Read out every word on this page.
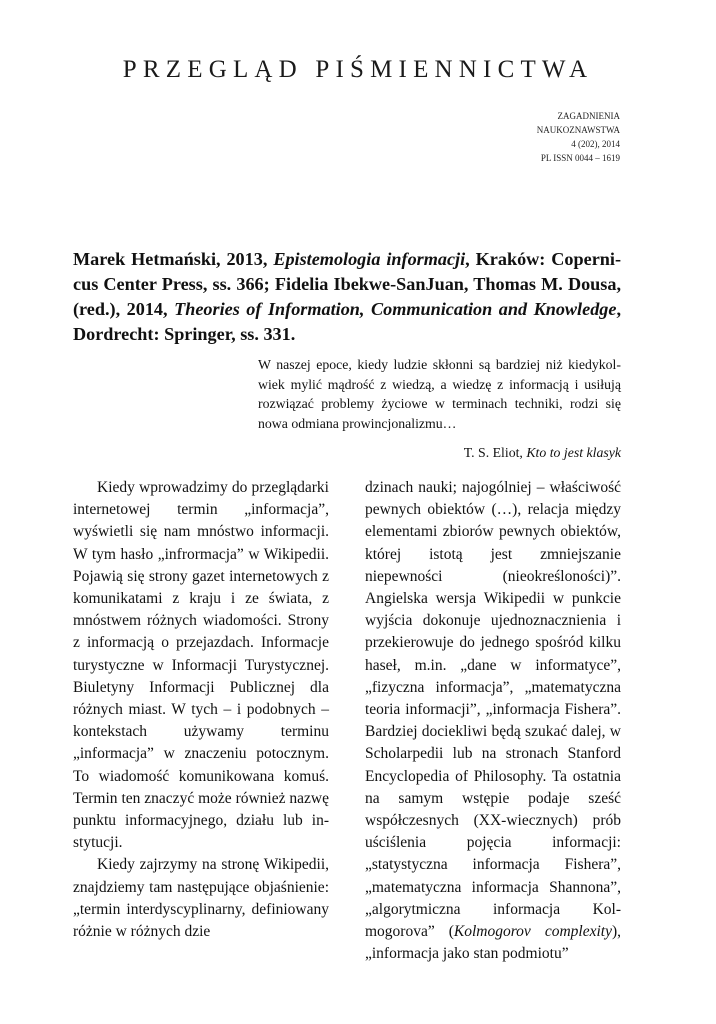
PRZEGLĄD PIŚMIENNICTWA
ZAGADNIENIA
NAUKOZNAWSTWA
4 (202), 2014
PL ISSN 0044 – 1619

Marek Hetmański, 2013, Epistemologia informacji, Kraków: Copernicus Center Press, ss. 366; Fidelia Ibekwe-SanJuan, Thomas M. Dousa, (red.), 2014, Theories of Information, Communication and Knowledge, Dordrecht: Springer, ss. 331.

W naszej epoce, kiedy ludzie skłonni są bardziej niż kiedykolwiek mylić mądrość z wiedzą, a wiedzę z informacją i usiłują rozwiązać problemy życiowe w terminach techniki, rodzi się nowa odmiana prowincjonalizmu…

T. S. Eliot, Kto to jest klasyk

Kiedy wprowadzimy do przeglądarki internetowej termin „informacja”, wyświetli się nam mnóstwo informacji. W tym hasło „infrormacja” w Wikipedii. Pojawią się strony gazet internetowych z komunikatami z kraju i ze świata, z mnóstwem różnych wiadomości. Strony z informacją o przejazdach. Informacje turystyczne w Informacji Turystycznej. Biuletyny Informacji Publicznej dla różnych miast. W tych – i podobnych – kontekstach używamy terminu „informacja” w znaczeniu potocznym. To wiadomość komunikowana komuś. Termin ten znaczyć może również nazwę punktu informacyjnego, działu lub instytucji.

Kiedy zajrzymy na stronę Wikipedii, znajdziemy tam następujące objaśnienie: „termin interdyscyplinarny, definiowany różnie w różnych dzie

dzinach nauki; najogólniej – właściwość pewnych obiektów (…), relacja między elementami zbiorów pewnych obiektów, której istotą jest zmniejszanie niepewności (nieokreśloności)”. Angielska wersja Wikipedii w punkcie wyjścia dokonuje ujednoznacznienia i przekierowuje do jednego spośród kilku haseł, m.in. „dane w informatyce”, „fizyczna informacja”, „matematyczna teoria informacji”, „informacja Fishera”. Bardziej dociekliwi będą szukać dalej, w Scholarpedii lub na stronach Stanford Encyclopedia of Philosophy. Ta ostatnia na samym wstępie podaje sześć współczesnych (XX-wiecznych) prób uściślenia pojęcia informacji: „statystyczna informacja Fishera”, „matematyczna informacja Shannona”, „algorytmiczna informacja Kolmogorova” (Kolmogorov complexity), „informacja jako stan podmiotu”
